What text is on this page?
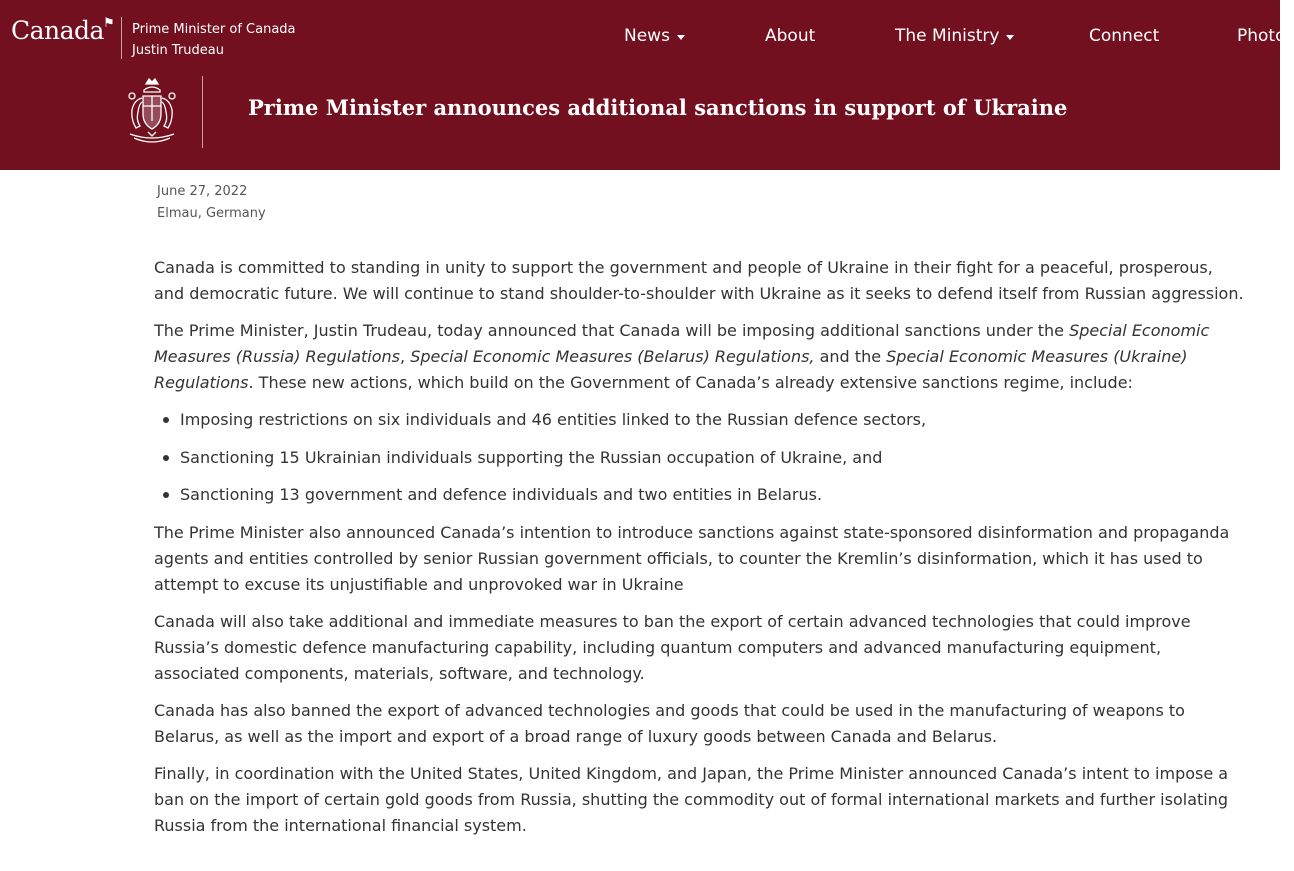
Canada⚑ Prime Minister of Canada
Justin Trudeau
News	About	The Ministry	Connect	Photos
Prime Minister announces additional sanctions in support of Ukraine
June 27, 2022
Elmau, Germany

Canada is committed to standing in unity to support the government and people of Ukraine in their fight for a peaceful, prosperous, and democratic future. We will continue to stand shoulder-to-shoulder with Ukraine as it seeks to defend itself from Russian aggression.

The Prime Minister, Justin Trudeau, today announced that Canada will be imposing additional sanctions under the Special Economic Measures (Russia) Regulations, Special Economic Measures (Belarus) Regulations, and the Special Economic Measures (Ukraine) Regulations. These new actions, which build on the Government of Canada’s already extensive sanctions regime, include:

Imposing restrictions on six individuals and 46 entities linked to the Russian defence sectors,
Sanctioning 15 Ukrainian individuals supporting the Russian occupation of Ukraine, and
Sanctioning 13 government and defence individuals and two entities in Belarus.

The Prime Minister also announced Canada’s intention to introduce sanctions against state-sponsored disinformation and propaganda agents and entities controlled by senior Russian government officials, to counter the Kremlin’s disinformation, which it has used to attempt to excuse its unjustifiable and unprovoked war in Ukraine

Canada will also take additional and immediate measures to ban the export of certain advanced technologies that could improve Russia’s domestic defence manufacturing capability, including quantum computers and advanced manufacturing equipment, associated components, materials, software, and technology.

Canada has also banned the export of advanced technologies and goods that could be used in the manufacturing of weapons to Belarus, as well as the import and export of a broad range of luxury goods between Canada and Belarus.

Finally, in coordination with the United States, United Kingdom, and Japan, the Prime Minister announced Canada’s intent to impose a ban on the import of certain gold goods from Russia, shutting the commodity out of formal international markets and further isolating Russia from the international financial system.
